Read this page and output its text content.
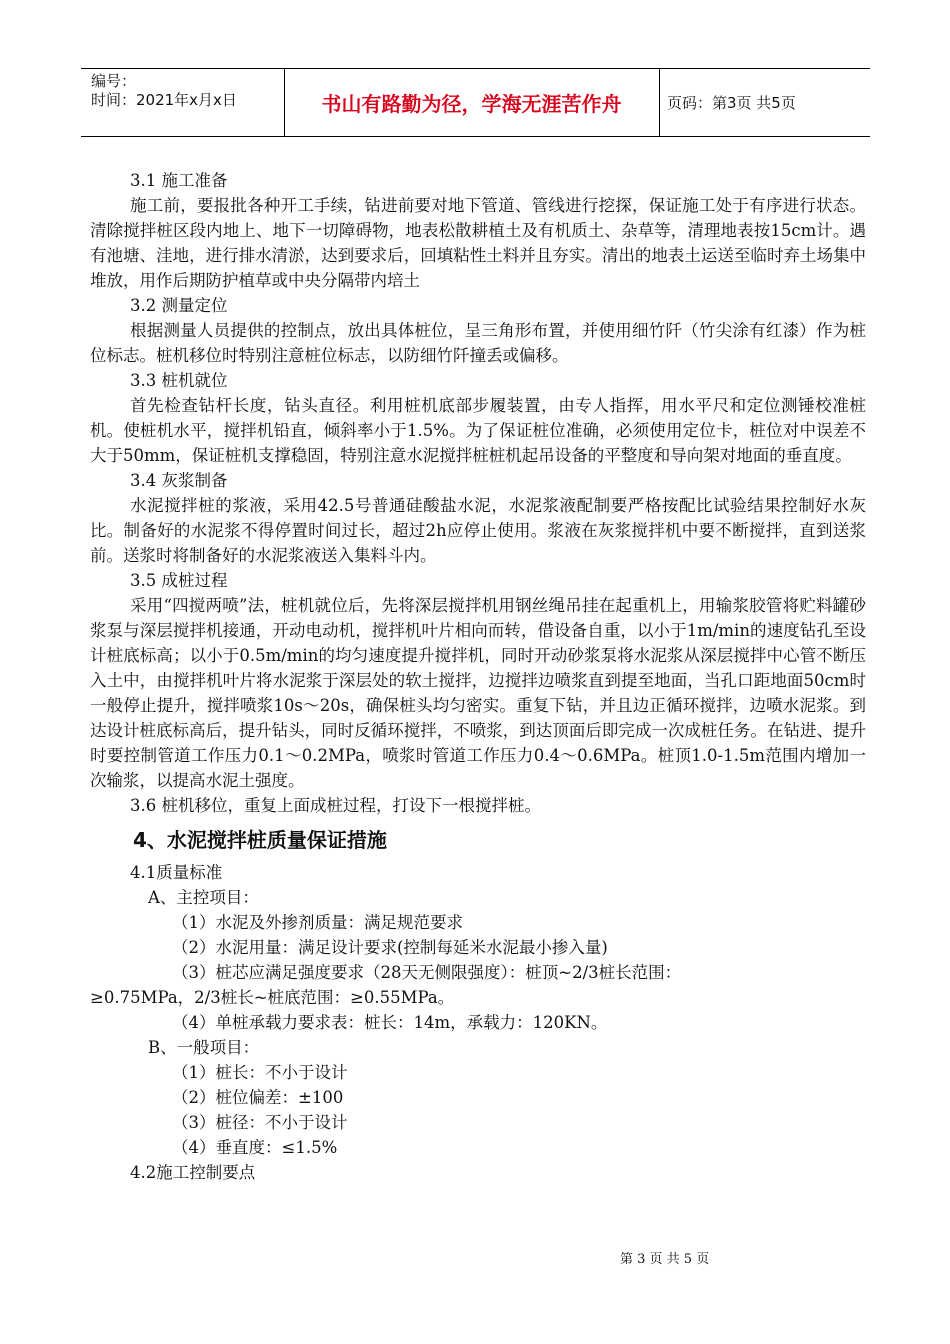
编号：
时间：2021年x月x日	书山有路勤为径，学海无涯苦作舟	页码：第3页 共5页

3.1 施工准备

施工前，要报批各种开工手续，钻进前要对地下管道、管线进行挖探，保证施工处于有序进行状态。清除搅拌桩区段内地上、地下一切障碍物，地表松散耕植土及有机质土、杂草等，清理地表按15cm计。遇有池塘、洼地，进行排水清淤，达到要求后，回填粘性土料并且夯实。清出的地表土运送至临时弃土场集中堆放，用作后期防护植草或中央分隔带内培土

3.2 测量定位

根据测量人员提供的控制点，放出具体桩位，呈三角形布置，并使用细竹阡（竹尖涂有红漆）作为桩位标志。桩机移位时特别注意桩位标志，以防细竹阡撞丢或偏移。

3.3 桩机就位

首先检查钻杆长度，钻头直径。利用桩机底部步履装置，由专人指挥，用水平尺和定位测锤校准桩机。使桩机水平，搅拌机铅直，倾斜率小于1.5%。为了保证桩位准确，必须使用定位卡，桩位对中误差不大于50mm，保证桩机支撑稳固，特别注意水泥搅拌桩桩机起吊设备的平整度和导向架对地面的垂直度。

3.4 灰浆制备

水泥搅拌桩的浆液，采用42.5号普通硅酸盐水泥，水泥浆液配制要严格按配比试验结果控制好水灰比。制备好的水泥浆不得停置时间过长，超过2h应停止使用。浆液在灰浆搅拌机中要不断搅拌，直到送浆前。送浆时将制备好的水泥浆液送入集料斗内。

3.5 成桩过程

采用“四搅两喷”法，桩机就位后，先将深层搅拌机用钢丝绳吊挂在起重机上，用输浆胶管将贮料罐砂浆泵与深层搅拌机接通，开动电动机，搅拌机叶片相向而转，借设备自重，以小于1m/min的速度钻孔至设计桩底标高；以小于0.5m/min的均匀速度提升搅拌机，同时开动砂浆泵将水泥浆从深层搅拌中心管不断压入土中，由搅拌机叶片将水泥浆于深层处的软土搅拌，边搅拌边喷浆直到提至地面，当孔口距地面50cm时一般停止提升，搅拌喷浆10s～20s，确保桩头均匀密实。重复下钻，并且边正循环搅拌，边喷水泥浆。到达设计桩底标高后，提升钻头，同时反循环搅拌，不喷浆，到达顶面后即完成一次成桩任务。在钻进、提升时要控制管道工作压力0.1～0.2MPa，喷浆时管道工作压力0.4～0.6MPa。桩顶1.0-1.5m范围内增加一次输浆，以提高水泥土强度。

3.6 桩机移位，重复上面成桩过程，打设下一根搅拌桩。

4、水泥搅拌桩质量保证措施

4.1质量标准

A、主控项目：

（1）水泥及外掺剂质量：满足规范要求

（2）水泥用量：满足设计要求(控制每延米水泥最小掺入量)

（3）桩芯应满足强度要求（28天无侧限强度）：桩顶~2/3桩长范围：

≥0.75MPa，2/3桩长~桩底范围：≥0.55MPa。

（4）单桩承载力要求表：桩长：14m，承载力：120KN。

B、一般项目：

（1）桩长：不小于设计

（2）桩位偏差：±100

（3）桩径：不小于设计

（4）垂直度：≤1.5%

4.2施工控制要点

第 3 页 共 5 页
